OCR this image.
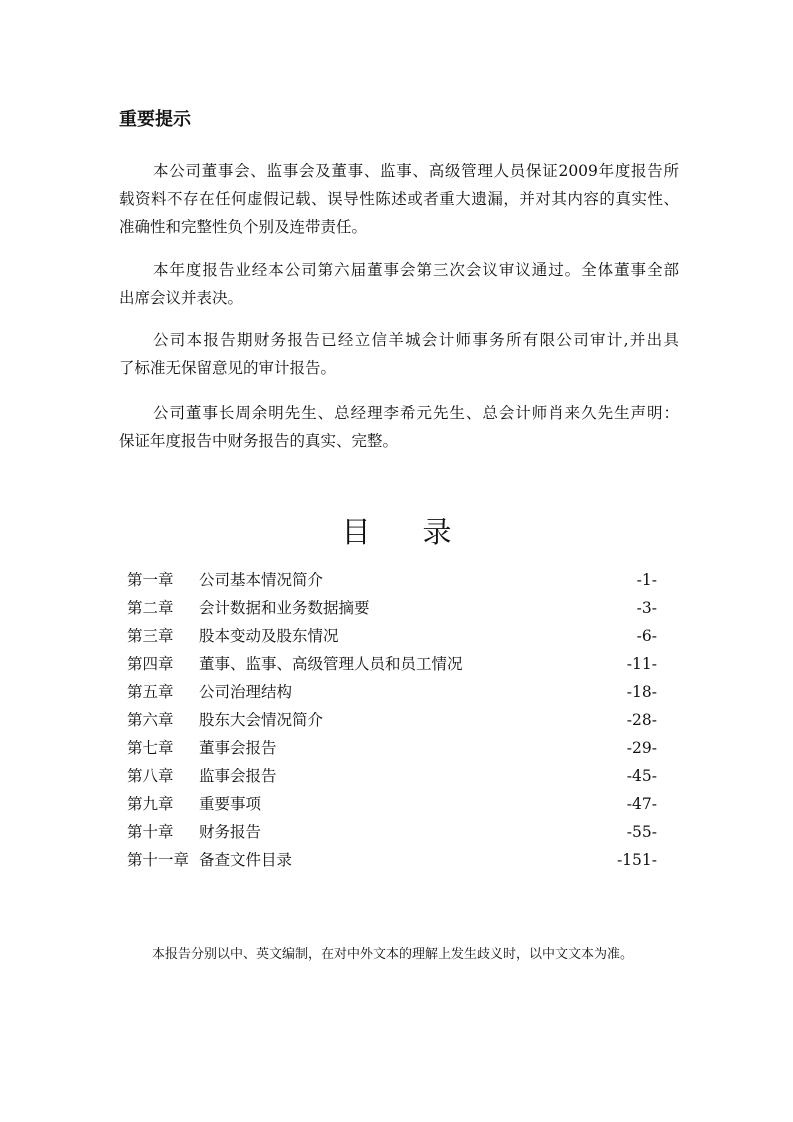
重要提示
本公司董事会、监事会及董事、监事、高级管理人员保证2009年度报告所
载资料不存在任何虚假记载、误导性陈述或者重大遗漏，并对其内容的真实性、
准确性和完整性负个别及连带责任。
本年度报告业经本公司第六届董事会第三次会议审议通过。全体董事全部
出席会议并表决。
公司本报告期财务报告已经立信羊城会计师事务所有限公司审计,并出具
了标准无保留意见的审计报告。
公司董事长周余明先生、总经理李希元先生、总会计师肖来久先生声明：
保证年度报告中财务报告的真实、完整。
目 录
第一章 公司基本情况简介	-1-
第二章 会计数据和业务数据摘要	-3-
第三章 股本变动及股东情况	-6-
第四章 董事、监事、高级管理人员和员工情况	-11-
第五章 公司治理结构	-18-
第六章 股东大会情况简介	-28-
第七章 董事会报告	-29-
第八章 监事会报告	-45-
第九章 重要事项	-47-
第十章 财务报告	-55-
第十一章 备查文件目录	-151-
本报告分别以中、英文编制，在对中外文本的理解上发生歧义时，以中文文本为准。
